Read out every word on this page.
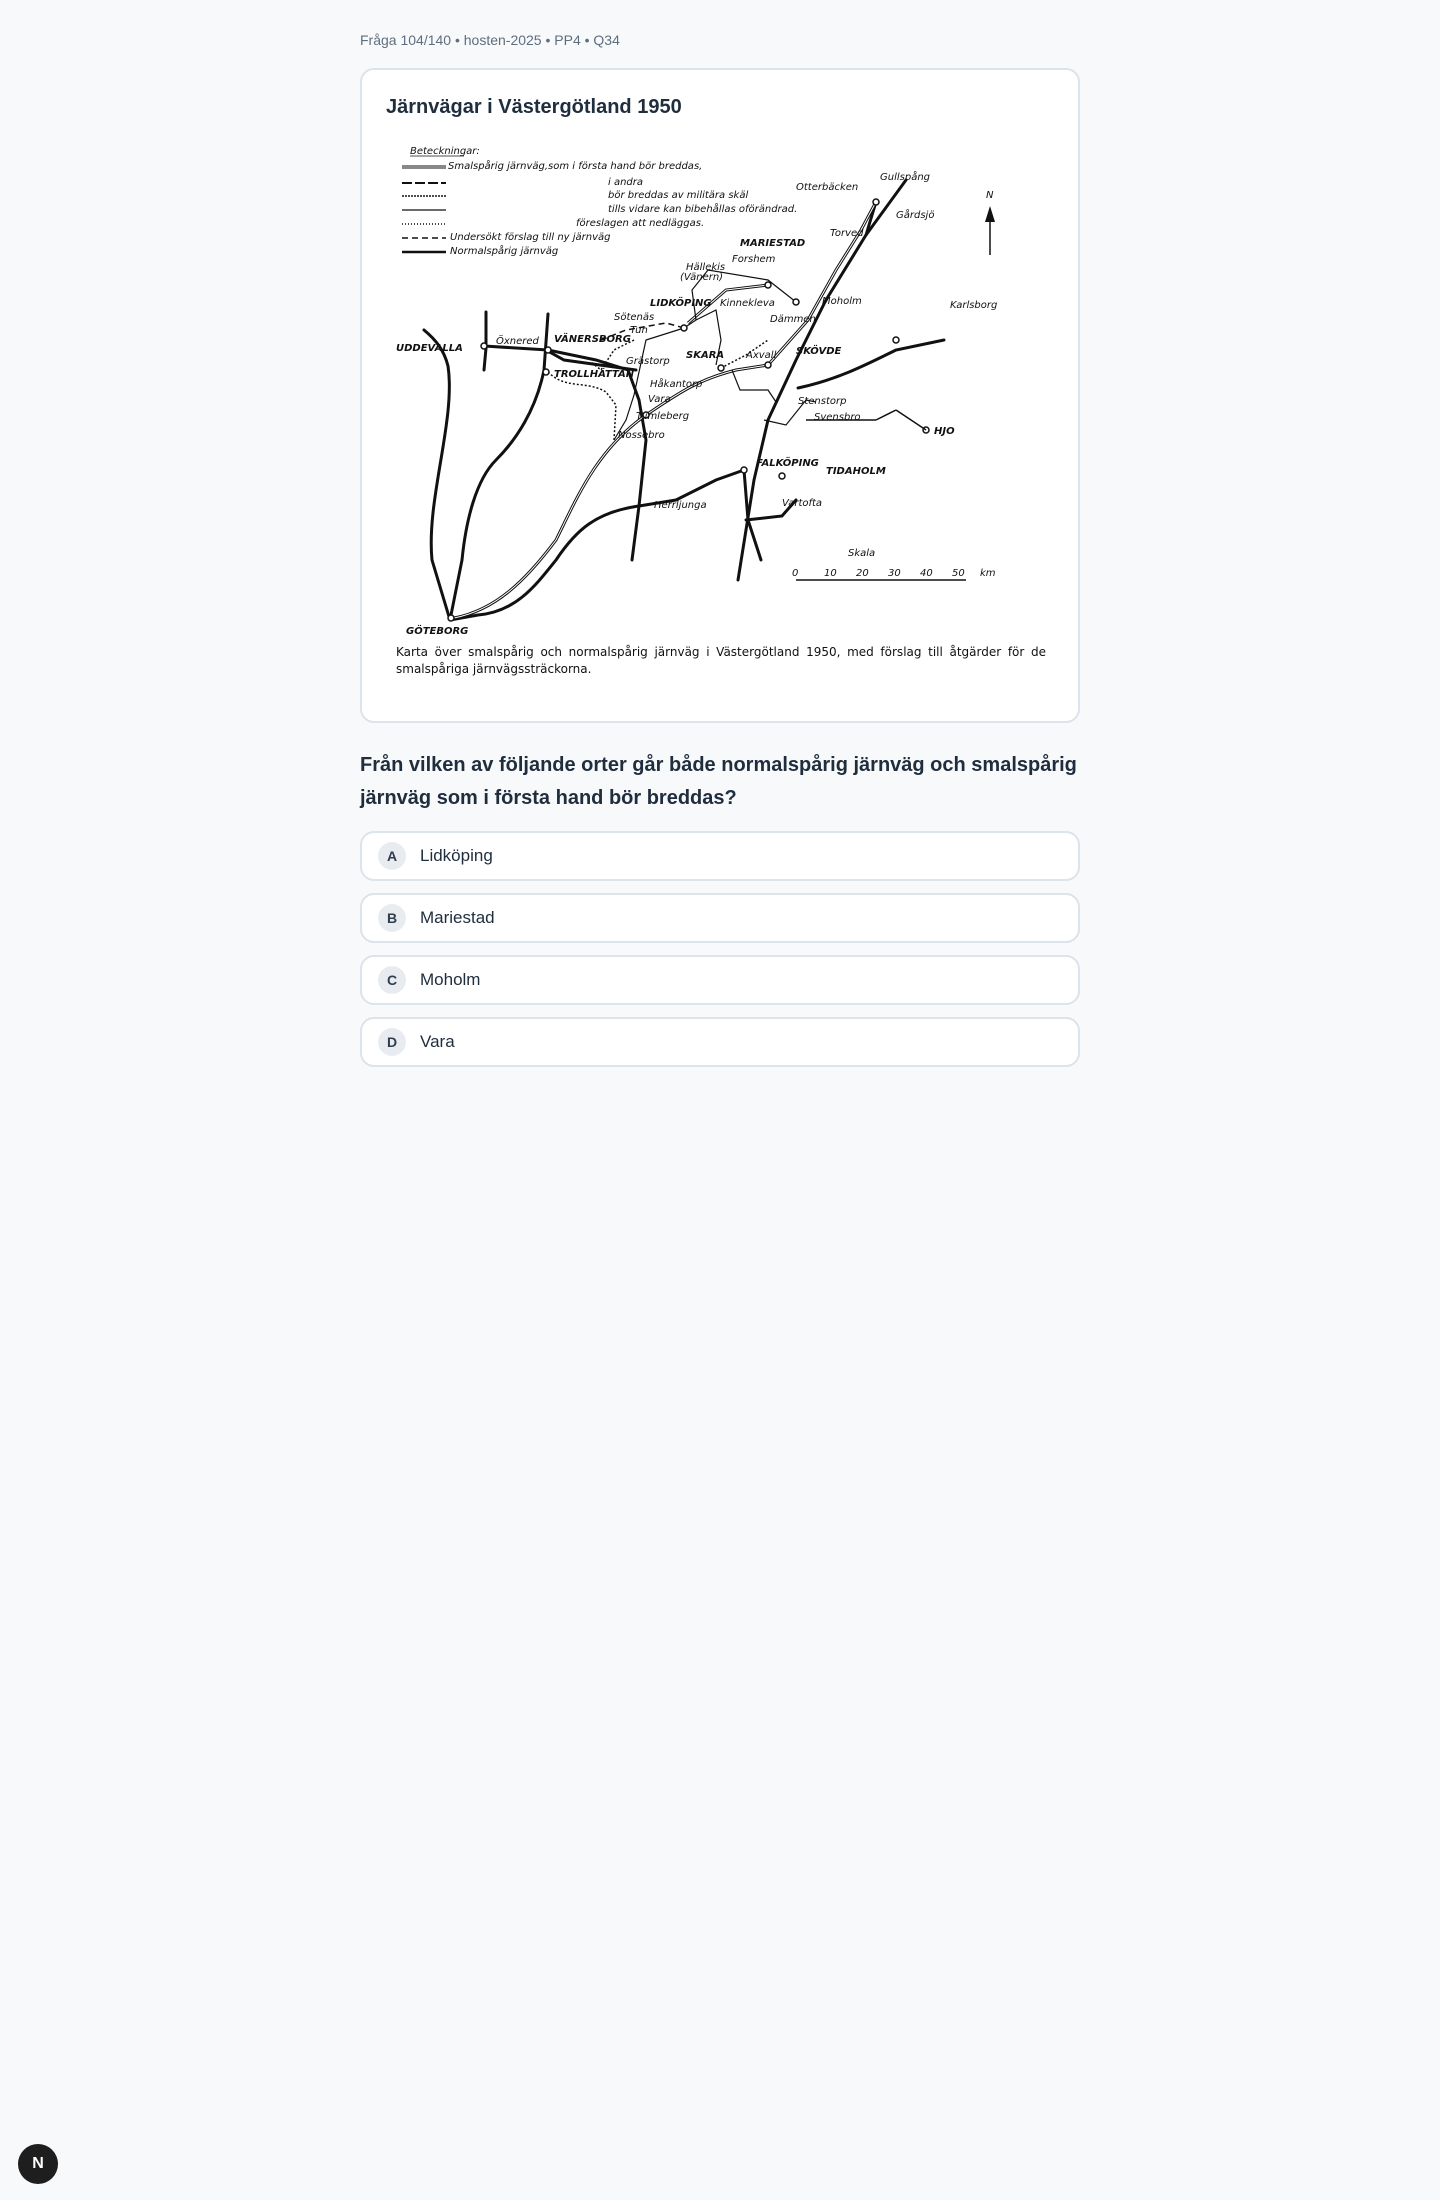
Fråga 104/140 • hosten-2025 • PP4 • Q34
Järnvägar i Västergötland 1950
Beteckningar:
Smalspårig järnväg,som i första hand bör breddas,
i andra
bör breddas av militära skäl
tills vidare kan bibehållas oförändrad.
föreslagen att nedläggas.
Undersökt förslag till ny järnväg
Normalspårig järnväg
UDDEVALLA
Öxnered VÄNERSBORG
TROLLHÄTTAN
Sötenäs
Tun
Grästorp
LIDKÖPING Kinnekleva
Hällekis
(Vänern)
Forshem
MARIESTAD
Otterbäcken
Gullspång
Torved
Gårdsjö
Moholm	Karlsborg
Dämmen
SKARA Axvall SKÖVDE
Håkantorp
Vara
Tumleberg
Nossebro
Stenstorp
HJO
Svensbro
FALKÖPING
TIDAHOLM
Herrljunga	Vartofta
GÖTEBORG
N
Skala
0	10 20 30 40 50 km
Karta över smalspårig och normalspårig järnväg i Västergötland 1950, med förslag till åtgärder för de smalspåriga järnvägssträckorna.
Från vilken av följande orter går både normalspårig järnväg och smalspårig järnväg som i första hand bör breddas?
A	Lidköping
B	Mariestad
C	Moholm
D	Vara
N
